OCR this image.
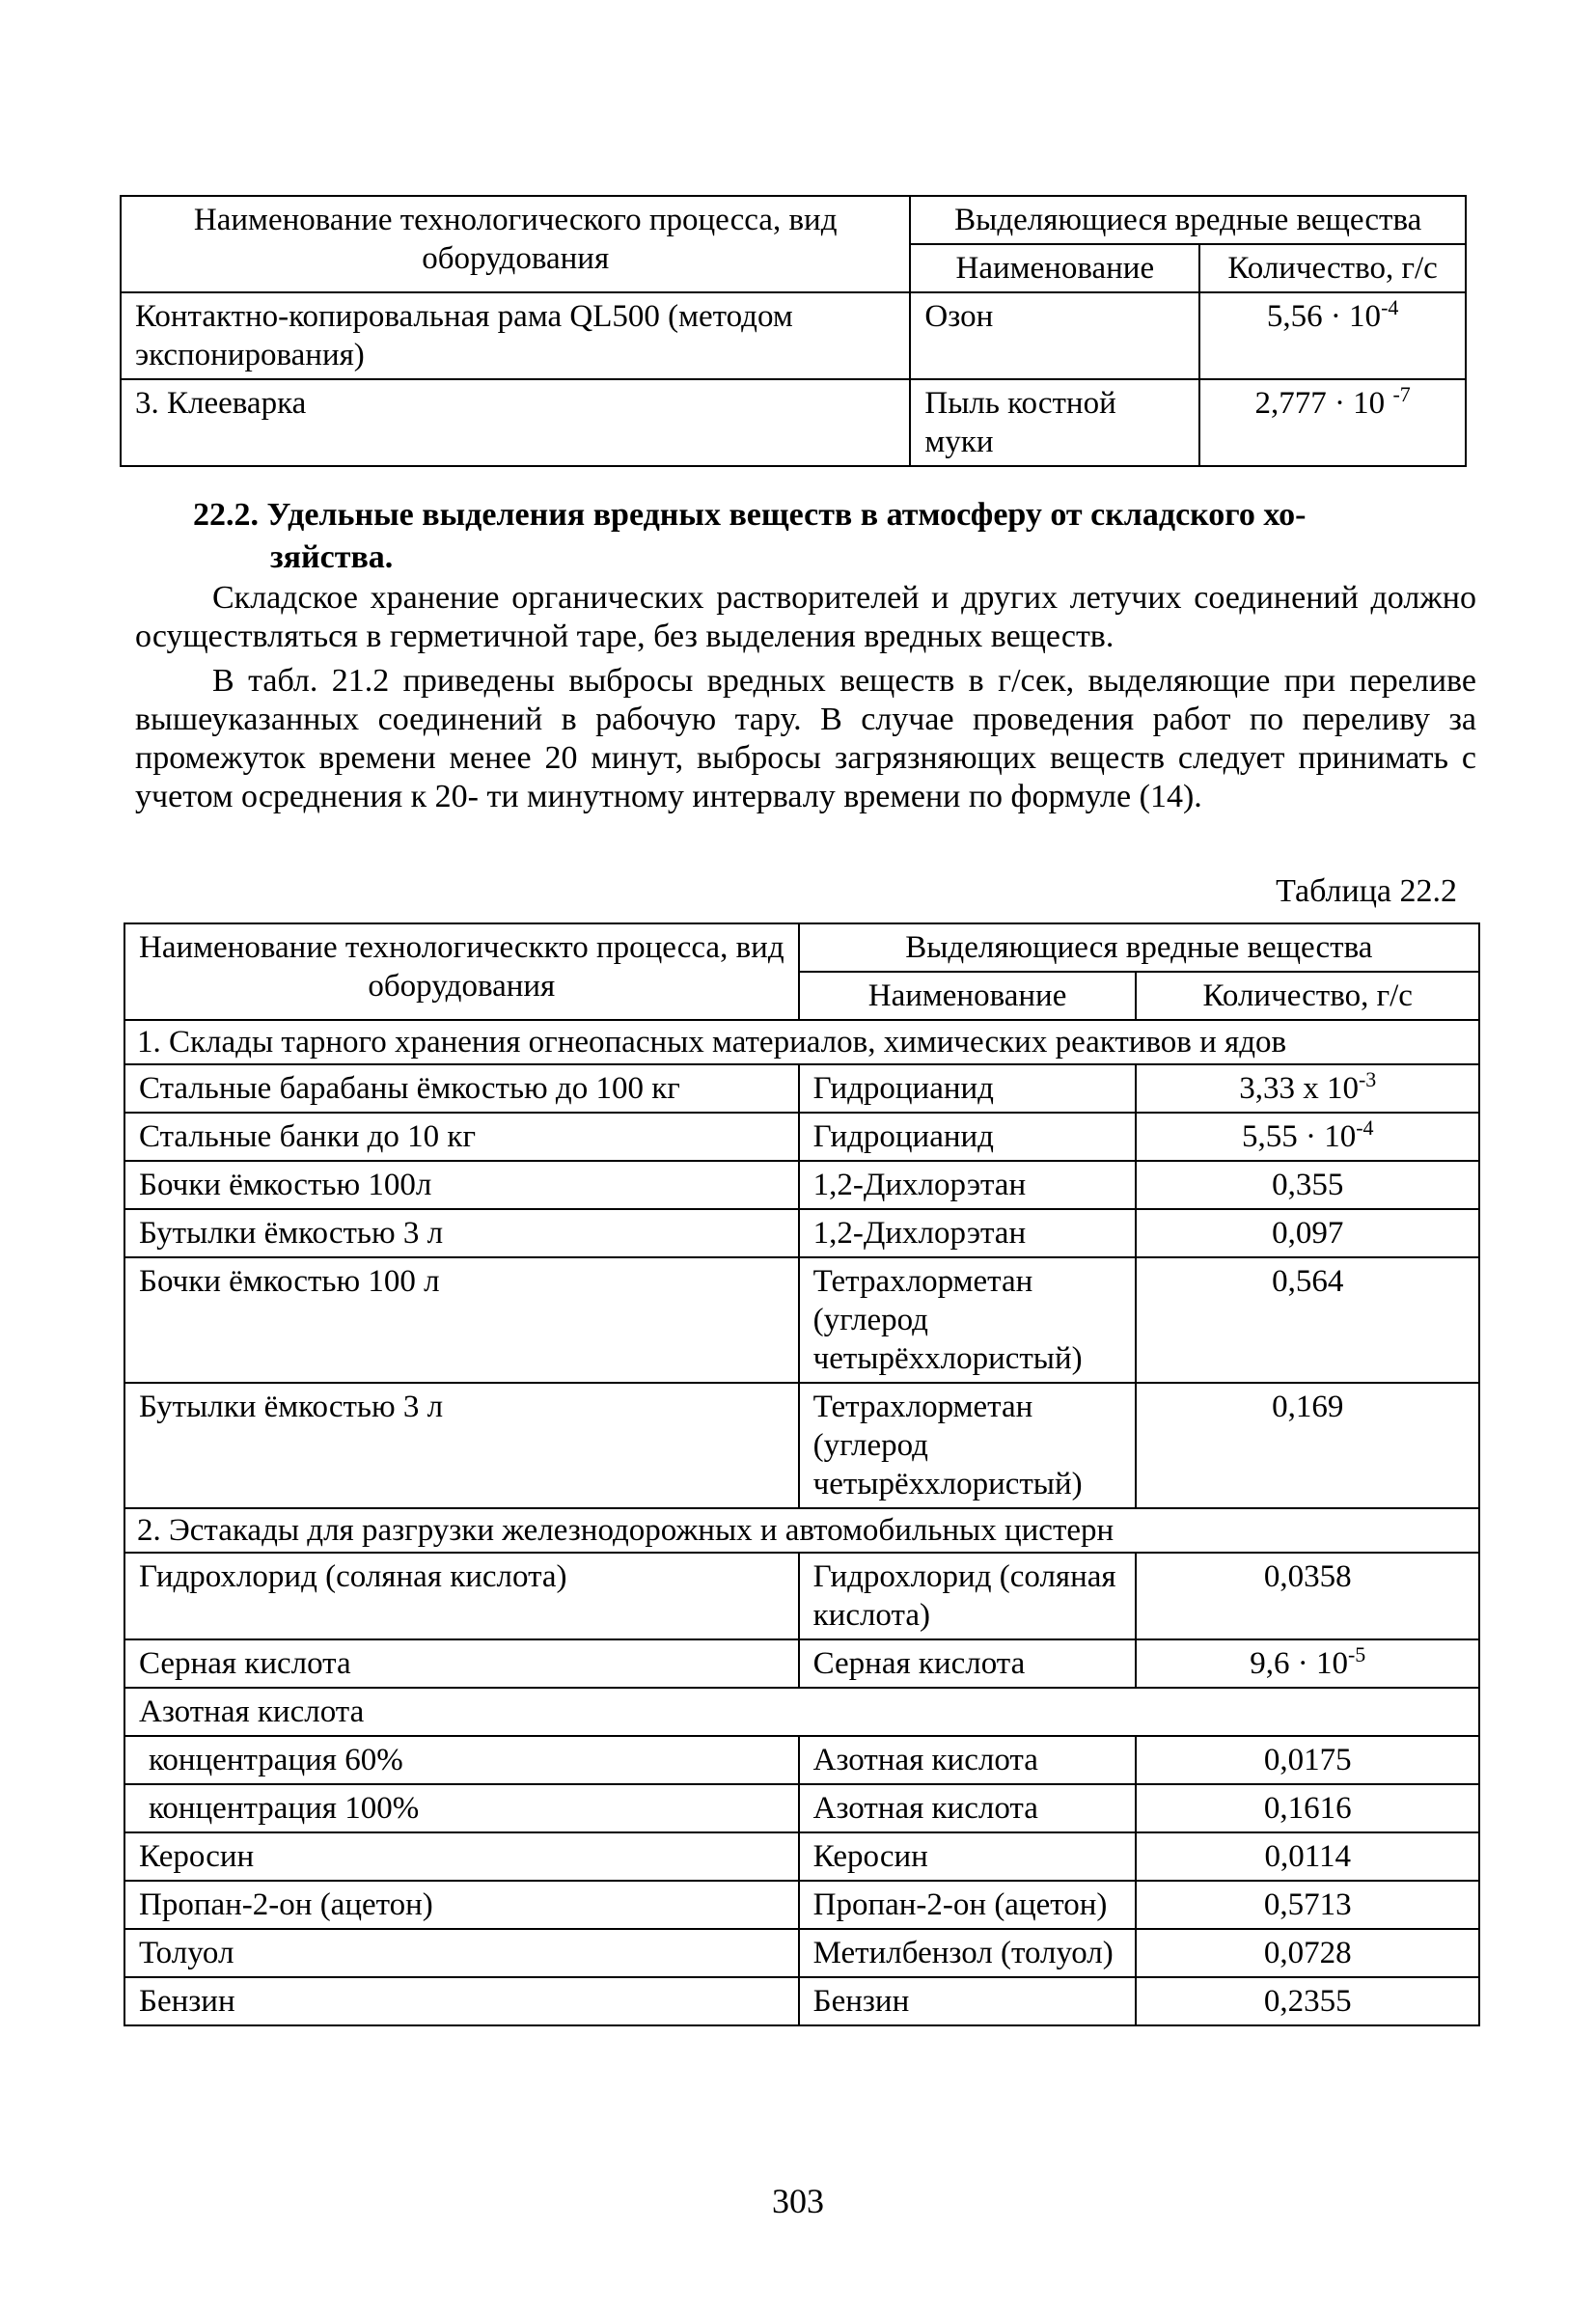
Наименование технологического процесса, вид оборудования	Выделяющиеся вредные вещества	
	Наименование	Количество, г/с
Контактно-копировальная рама QL500 (методом экспонирования)	Озон	$5,56 \cdot 10^{-4}$
3. Клееварка	Пыль костной муки	2,777 · 10 $^{-7}$
22.2. Удельные выделения вредных веществ в атмосферу от складского хо-
зяйства.
Складское хранение органических растворителей и других летучих соединений должно осуществляться в герметичной таре, без выделения вредных веществ.
В табл. 21.2 приведены выбросы вредных веществ в г/сек, выделяющие при переливе вышеуказанных соединений в рабочую тару. В случае проведения работ по переливу за промежуток времени менее 20 минут, выбросы загрязняющих веществ следует принимать с учетом осреднения к 20- ти минутному интервалу времени по формуле (14).
Таблица 22.2
Наименование технологическкто процесса, вид оборудования	Выделяющиеся вредные вещества	
	Наименование	Количество, г/с
1. Склады тарного хранения огнеопасных материалов, химических реактивов и ядов		
Стальные барабаны ёмкостью до 100 кг	Гидроцианид	3,33 х $10^{-3}$
Стальные банки до 10 кг	Гидроцианид	$5,55 \cdot 10^{-4}$
Бочки ёмкостью 100л	1,2-Дихлорэтан	0,355
Бутылки ёмкостью 3 л	1,2-Дихлорэтан	0,097
Бочки ёмкостью 100 л	Тетрахлорметан (углерод четырёххлористый)	0,564
Бутылки ёмкостью 3 л	Тетрахлорметан (углерод четырёххлористый)	0,169
2. Эстакады для разгрузки железнодорожных и автомобильных цистерн		
Гидрохлорид (соляная кислота)	Гидрохлорид (соляная кислота)	0,0358
Серная кислота	Серная кислота	$9,6 \cdot 10^{-5}$
Азотная кислота		
концентрация 60%	Азотная кислота	0,0175
концентрация 100%	Азотная кислота	0,1616
Керосин	Керосин	0,0114
Пропан-2-он (ацетон)	Пропан-2-он (ацетон)	0,5713
Толуол	Метилбензол (толуол)	0,0728
Бензин	Бензин	0,2355
303
